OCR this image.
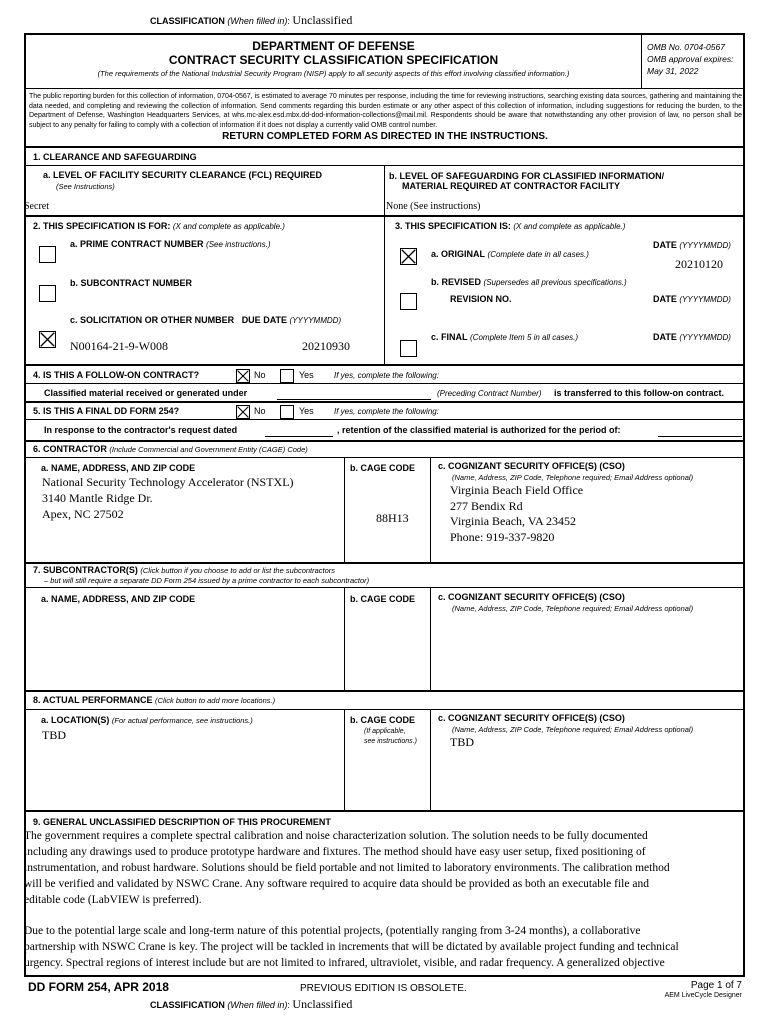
CLASSIFICATION (When filled in): Unclassified
DEPARTMENT OF DEFENSE
CONTRACT SECURITY CLASSIFICATION SPECIFICATION
(The requirements of the National Industrial Security Program (NISP) apply to all security aspects of this effort involving classified information.)
OMB No. 0704-0567
OMB approval expires:
May 31, 2022
The public reporting burden for this collection of information, 0704-0567, is estimated to average 70 minutes per response, including the time for reviewing instructions, searching existing data sources, gathering and maintaining the data needed, and completing and reviewing the collection of information. Send comments regarding this burden estimate or any other aspect of this collection of information, including suggestions for reducing the burden, to the Department of Defense, Washington Headquarters Services, at whs.mc-alex.esd.mbx.dd-dod-information-collections@mail.mil. Respondents should be aware that notwithstanding any other provision of law, no person shall be subject to any penalty for failing to comply with a collection of information if it does not display a currently valid OMB control number.
RETURN COMPLETED FORM AS DIRECTED IN THE INSTRUCTIONS.
1. CLEARANCE AND SAFEGUARDING
a. LEVEL OF FACILITY SECURITY CLEARANCE (FCL) REQUIRED
(See Instructions)
Secret
b. LEVEL OF SAFEGUARDING FOR CLASSIFIED INFORMATION/
MATERIAL REQUIRED AT CONTRACTOR FACILITY
None (See instructions)
2. THIS SPECIFICATION IS FOR: (X and complete as applicable.)	3. THIS SPECIFICATION IS: (X and complete as applicable.)
a. PRIME CONTRACT NUMBER (See instructions.)
b. SUBCONTRACT NUMBER
c. SOLICITATION OR OTHER NUMBER DUE DATE (YYYYMMDD)
N00164-21-9-W008	20210930
a. ORIGINAL (Complete date in all cases.)
DATE (YYYYMMDD)
20210120
b. REVISED (Supersedes all previous specifications.)
REVISION NO.	DATE (YYYYMMDD)
c. FINAL (Complete Item 5 in all cases.)	DATE (YYYYMMDD)
4. IS THIS A FOLLOW-ON CONTRACT?	No	Yes	If yes, complete the following:
Classified material received or generated under	(Preceding Contract Number) is transferred to this follow-on contract.
5. IS THIS A FINAL DD FORM 254?	No	Yes	If yes, complete the following:
In response to the contractor's request dated	, retention of the classified material is authorized for the period of:
6. CONTRACTOR (Include Commercial and Government Entity (CAGE) Code)
a. NAME, ADDRESS, AND ZIP CODE	b. CAGE CODE	c. COGNIZANT SECURITY OFFICE(S) (CSO)
(Name, Address, ZIP Code, Telephone required; Email Address optional)
National Security Technology Accelerator (NSTXL)
3140 Mantle Ridge Dr.
Apex, NC 27502	88H13
Virginia Beach Field Office
277 Bendix Rd
Virginia Beach, VA 23452
Phone: 919-337-9820
7. SUBCONTRACTOR(S) (Click button if you choose to add or list the subcontractors
– but will still require a separate DD Form 254 issued by a prime contractor to each subcontractor)
a. NAME, ADDRESS, AND ZIP CODE	b. CAGE CODE	c. COGNIZANT SECURITY OFFICE(S) (CSO)
(Name, Address, ZIP Code, Telephone required; Email Address optional)
8. ACTUAL PERFORMANCE (Click button to add more locations.)
a. LOCATION(S) (For actual performance, see instructions.)
TBD
b. CAGE CODE
(If applicable,
see instructions.)
c. COGNIZANT SECURITY OFFICE(S) (CSO)
(Name, Address, ZIP Code, Telephone required; Email Address optional)
TBD
9. GENERAL UNCLASSIFIED DESCRIPTION OF THIS PROCUREMENT
The government requires a complete spectral calibration and noise characterization solution. The solution needs to be fully documented
including any drawings used to produce prototype hardware and fixtures. The method should have easy user setup, fixed positioning of
instrumentation, and robust hardware. Solutions should be field portable and not limited to laboratory environments. The calibration method
will be verified and validated by NSWC Crane. Any software required to acquire data should be provided as both an executable file and
editable code (LabVIEW is preferred).
Due to the potential large scale and long-term nature of this potential projects, (potentially ranging from 3-24 months), a collaborative
partnership with NSWC Crane is key. The project will be tackled in increments that will be dictated by available project funding and technical
urgency. Spectral regions of interest include but are not limited to infrared, ultraviolet, visible, and radar frequency. A generalized objective
DD FORM 254, APR 2018	PREVIOUS EDITION IS OBSOLETE.	Page 1 of 7
AEM LiveCycle Designer
CLASSIFICATION (When filled in): Unclassified
